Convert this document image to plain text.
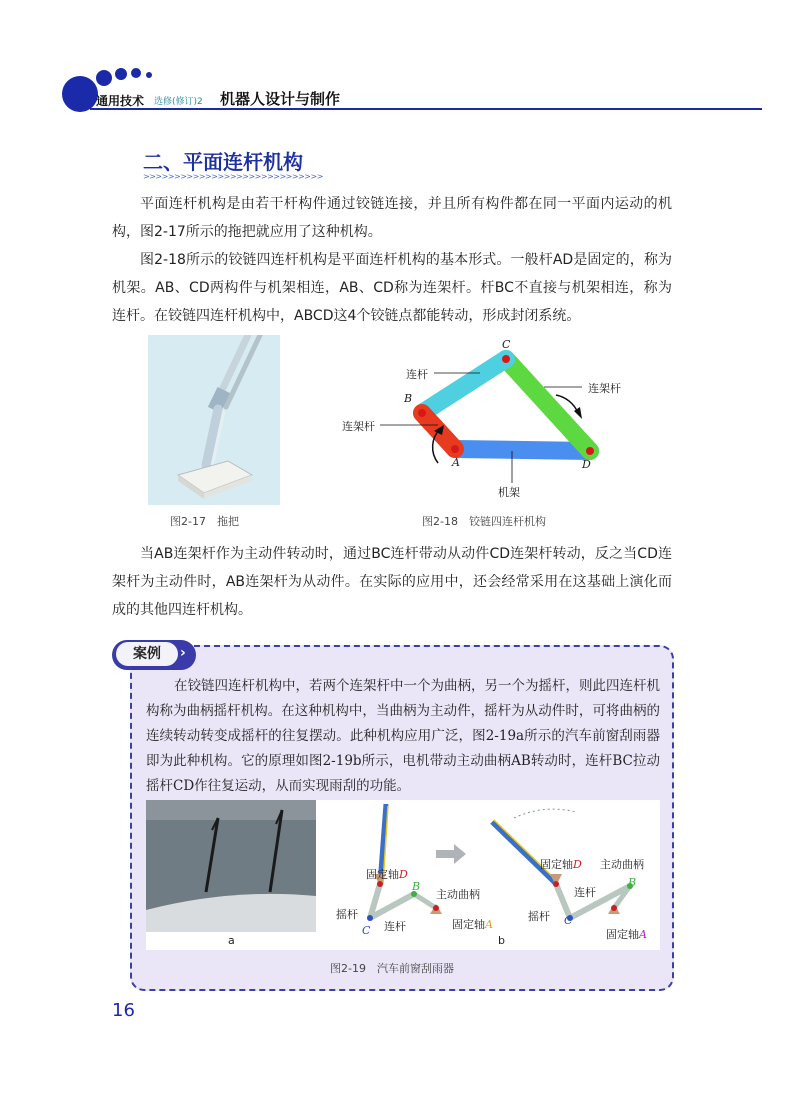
通用技术 选修(修订)2 机器人设计与制作
二、平面连杆机构
>>>>>>>>>>>>>>>>>>>>>>>>>>>>>
平面连杆机构是由若干杆构件通过铰链连接，并且所有构件都在同一平面内运动的机构，图2-17所示的拖把就应用了这种机构。
图2-18所示的铰链四连杆机构是平面连杆机构的基本形式。一般杆AD是固定的，称为机架。AB、CD两构件与机架相连，AB、CD称为连架杆。杆BC不直接与机架相连，称为连杆。在铰链四连杆机构中，ABCD这4个铰链点都能转动，形成封闭系统。
图2-17　拖把
C
B
A	D
连杆
连架杆
连架杆
机架
图2-18　铰链四连杆机构
当AB连架杆作为主动件转动时，通过BC连杆带动从动件CD连架杆转动，反之当CD连架杆为主动件时，AB连架杆为从动件。在实际的应用中，还会经常采用在这基础上演化而成的其他四连杆机构。
案例	›
在铰链四连杆机构中，若两个连架杆中一个为曲柄，另一个为摇杆，则此四连杆机构称为曲柄摇杆机构。在这种机构中，当曲柄为主动件，摇杆为从动件时，可将曲柄的连续转动转变成摇杆的往复摆动。此种机构应用广泛，图2-19a所示的汽车前窗刮雨器即为此种机构。它的原理如图2-19b所示，电机带动主动曲柄AB转动时，连杆BC拉动摇杆CD作往复运动，从而实现雨刮的功能。
a
固定轴D
B
主动曲柄
摇杆
连杆
C	固定轴A
固定轴D 主动曲柄
连杆
B
摇杆 C
固定轴A
b
图2-19　汽车前窗刮雨器
16
